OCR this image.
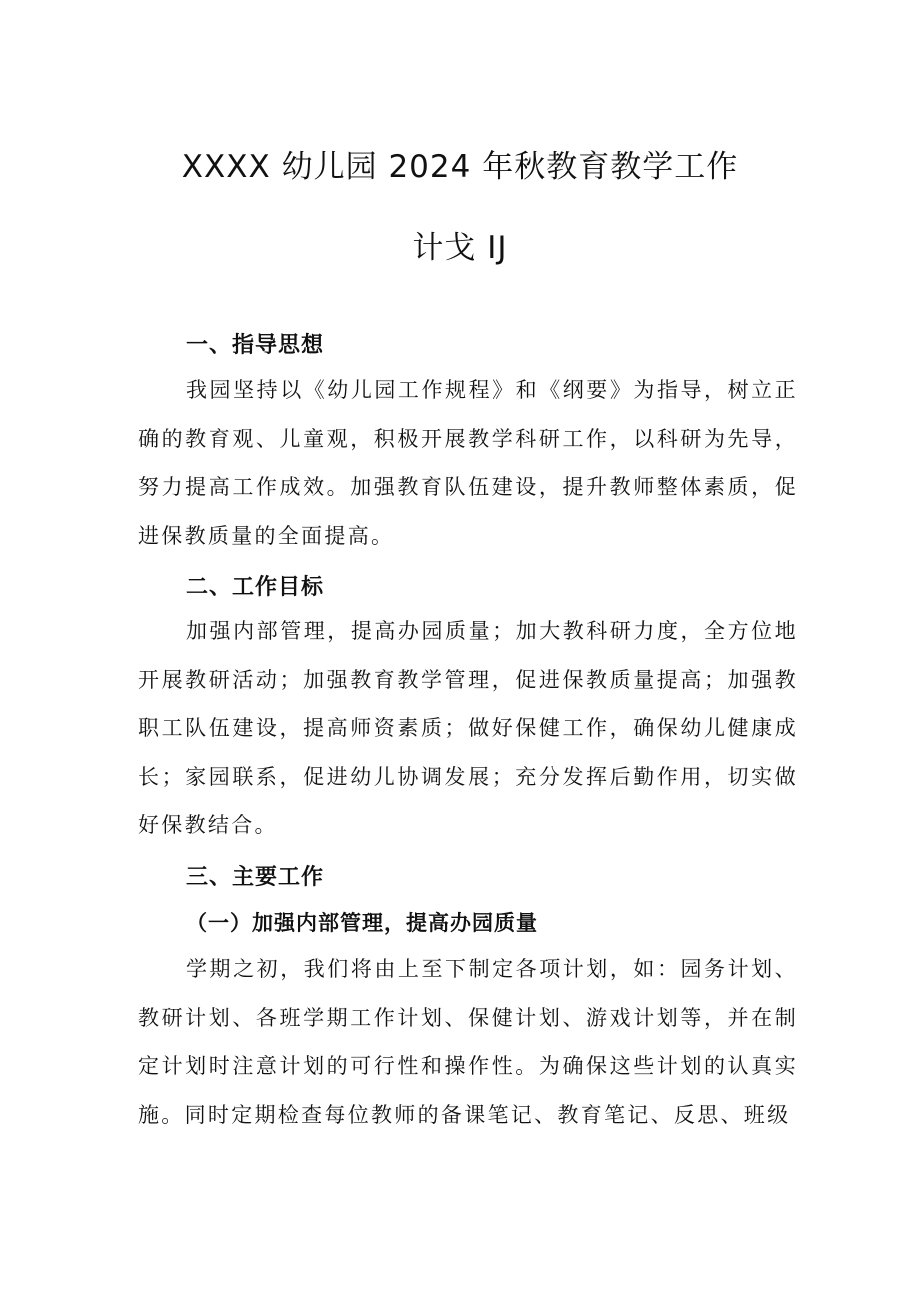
XXXX 幼儿园 2024 年秋教育教学工作
计戈 IJ
一、指导思想

我园坚持以《幼儿园工作规程》和《纲要》为指导，树立正确的教育观、儿童观，积极开展教学科研工作，以科研为先导，努力提高工作成效。加强教育队伍建设，提升教师整体素质，促进保教质量的全面提高。

二、工作目标

加强内部管理，提高办园质量；加大教科研力度，全方位地开展教研活动；加强教育教学管理，促进保教质量提高；加强教职工队伍建设，提高师资素质；做好保健工作，确保幼儿健康成长；家园联系，促进幼儿协调发展；充分发挥后勤作用，切实做好保教结合。

三、主要工作
（一）加强内部管理，提高办园质量

学期之初，我们将由上至下制定各项计划，如：园务计划、教研计划、各班学期工作计划、保健计划、游戏计划等，并在制定计划时注意计划的可行性和操作性。为确保这些计划的认真实施。同时定期检查每位教师的备课笔记、教育笔记、反思、班级
